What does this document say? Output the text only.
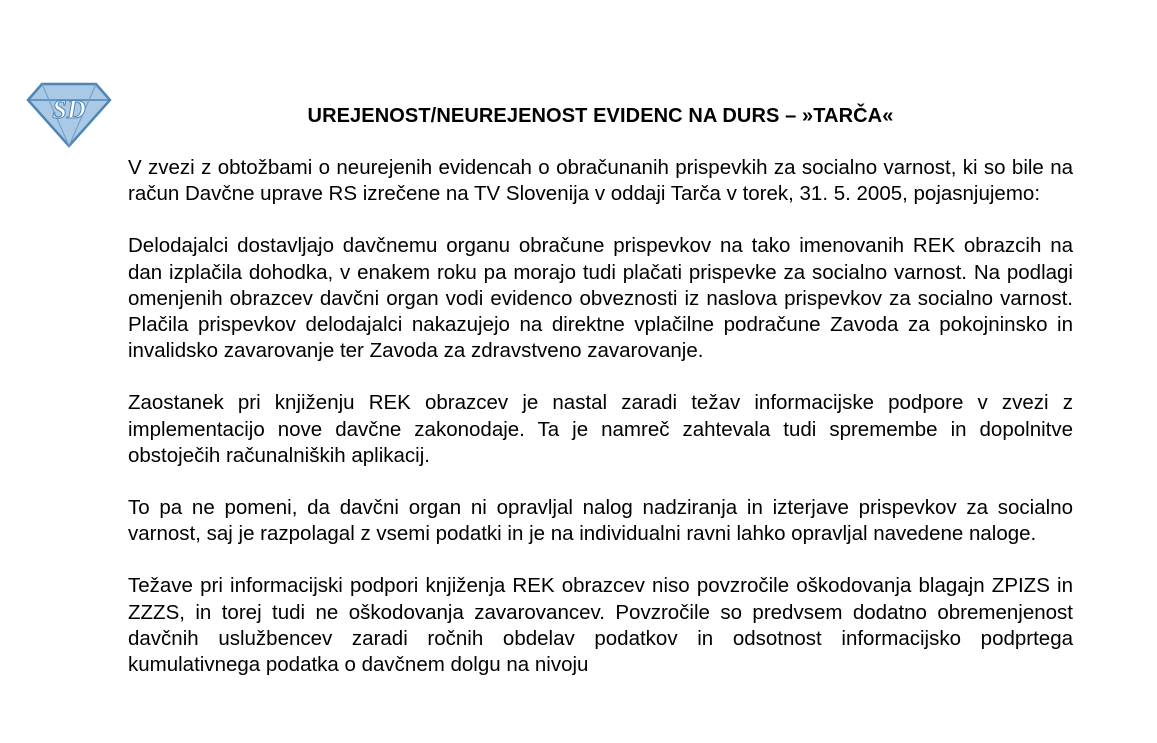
SD	UREJENOST/NEUREJENOST EVIDENC NA DURS – »TARČA«

V zvezi z obtožbami o neurejenih evidencah o obračunanih prispevkih za socialno varnost, ki so bile na račun Davčne uprave RS izrečene na TV Slovenija v oddaji Tarča v torek, 31. 5. 2005, pojasnjujemo:

Delodajalci dostavljajo davčnemu organu obračune prispevkov na tako imenovanih REK obrazcih na dan izplačila dohodka, v enakem roku pa morajo tudi plačati prispevke za socialno varnost. Na podlagi omenjenih obrazcev davčni organ vodi evidenco obveznosti iz naslova prispevkov za socialno varnost. Plačila prispevkov delodajalci nakazujejo na direktne vplačilne podračune Zavoda za pokojninsko in invalidsko zavarovanje ter Zavoda za zdravstveno zavarovanje.

Zaostanek pri knjiženju REK obrazcev je nastal zaradi težav informacijske podpore v zvezi z implementacijo nove davčne zakonodaje. Ta je namreč zahtevala tudi spremembe in dopolnitve obstoječih računalniških aplikacij.

To pa ne pomeni, da davčni organ ni opravljal nalog nadziranja in izterjave prispevkov za socialno varnost, saj je razpolagal z vsemi podatki in je na individualni ravni lahko opravljal navedene naloge.

Težave pri informacijski podpori knjiženja REK obrazcev niso povzročile oškodovanja blagajn ZPIZS in ZZZS, in torej tudi ne oškodovanja zavarovancev. Povzročile so predvsem dodatno obremenjenost davčnih uslužbencev zaradi ročnih obdelav podatkov in odsotnost informacijsko podprtega kumulativnega podatka o davčnem dolgu na nivoju
